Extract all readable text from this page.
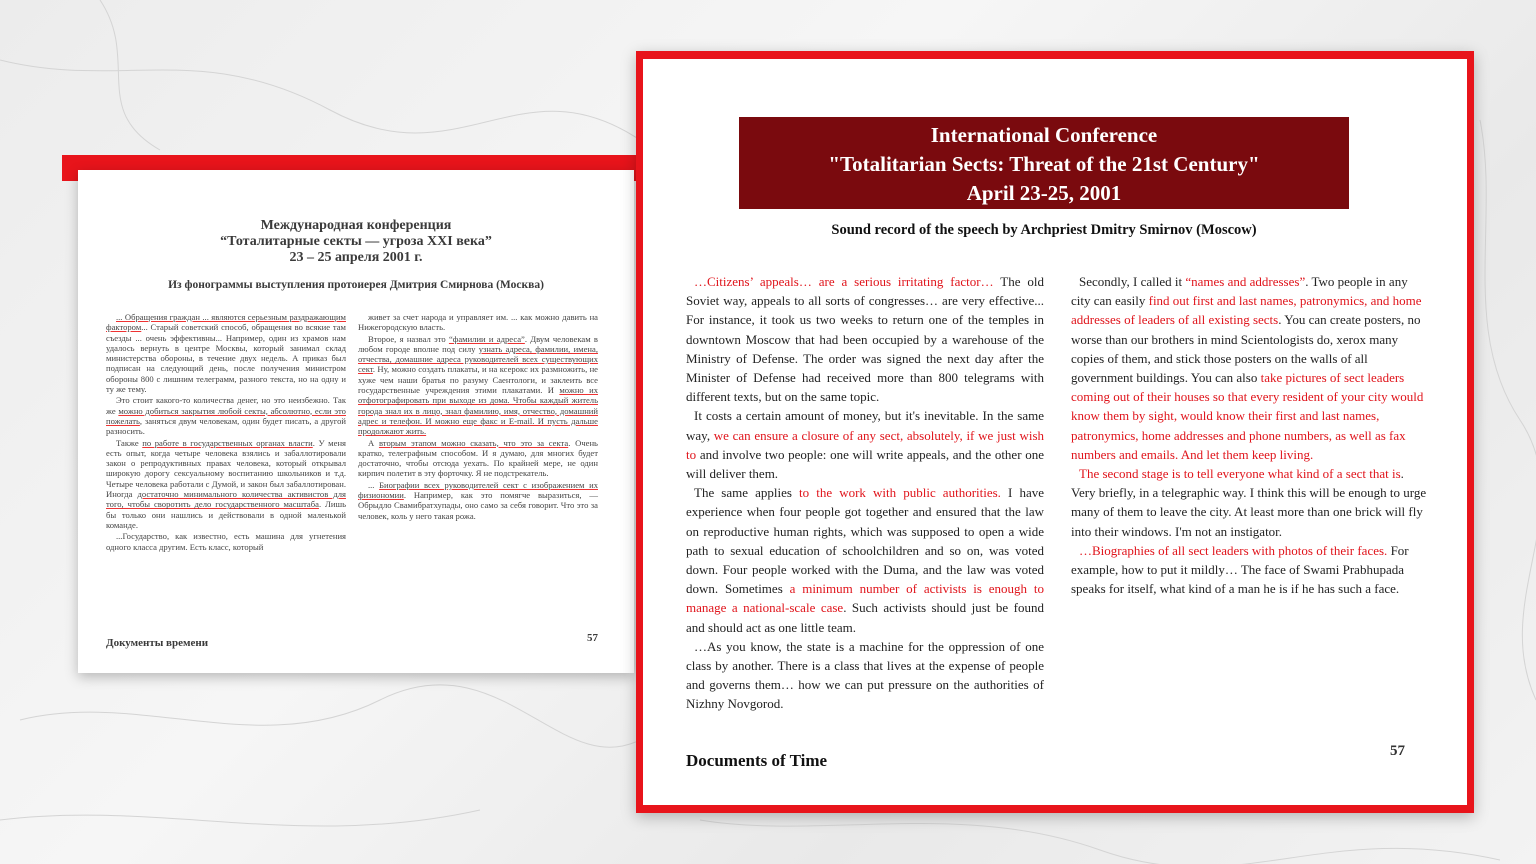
Международная конференция
“Тоталитарные секты — угроза XXI века”
23 – 25 апреля 2001 г.
Из фонограммы выступления протоиерея Дмитрия Смирнова (Москва)

... Обращения граждан ... являются серьезным раздражающим фактором... Старый советский способ, обращения во всякие там съезды ... очень эффективны... Например, один из храмов нам удалось вернуть в центре Москвы, который занимал склад министерства обороны, в течение двух недель. А приказ был подписан на следующий день, после получения министром обороны 800 с лишним телеграмм, разного текста, но на одну и ту же тему.

Это стоит какого-то количества денег, но это неизбежно. Так же можно добиться закрытия любой секты, абсолютно, если это пожелать, заняться двум человекам, один будет писать, а другой разносить.

Также по работе в государственных органах власти. У меня есть опыт, когда четыре человека взялись и забаллотировали закон о репродуктивных правах человека, который открывал широкую дорогу сексуальному воспитанию школьников и т.д. Четыре человека работали с Думой, и закон был забаллотирован. Иногда достаточно минимального количества активистов для того, чтобы своротить дело государственного масштаба. Лишь бы только они нашлись и действовали в одной маленькой команде.

...Государство, как известно, есть машина для угнетения одного класса другим. Есть класс, который

живет за счет народа и управляет им. ... как можно давить на Нижегородскую власть.

Второе, я назвал это “фамилии и адреса”. Двум человекам в любом городе вполне под силу узнать адреса, фамилии, имена, отчества, домашние адреса руководителей всех существующих сект. Ну, можно создать плакаты, и на ксерокс их размножить, не хуже чем наши братья по разуму Саентологи, и заклеить все государственные учреждения этими плакатами. И можно их отфотографировать при выходе из дома. Чтобы каждый житель города знал их в лицо, знал фамилию, имя, отчество, домашний адрес и телефон. И можно еще факс и E-mail. И пусть дальше продолжают жить.

А вторым этапом можно сказать, что это за секта. Очень кратко, телеграфным способом. И я думаю, для многих будет достаточно, чтобы отсюда уехать. По крайней мере, не один кирпич полетит в эту форточку. Я не подстрекатель.

... Биографии всех руководителей сект с изображением их физиономии. Например, как это помягче выразиться, — Обрыдло Свамибратхупады, оно само за себя говорит. Что это за человек, коль у него такая рожа.

Документы времени	57
International Conference
"Totalitarian Sects: Threat of the 21st Century"
April 23-25, 2001
Sound record of the speech by Archpriest Dmitry Smirnov (Moscow)

…Citizens’ appeals… are a serious irritating factor… The old Soviet way, appeals to all sorts of congresses… are very effective... For instance, it took us two weeks to return one of the temples in downtown Moscow that had been occupied by a warehouse of the Ministry of Defense. The order was signed the next day after the Minister of Defense had received more than 800 telegrams with different texts, but on the same topic.

It costs a certain amount of money, but it's inevitable. In the same way, we can ensure a closure of any sect, absolutely, if we just wish to and involve two people: one will write appeals, and the other one will deliver them.

The same applies to the work with public authorities. I have experience when four people got together and ensured that the law on reproductive human rights, which was supposed to open a wide path to sexual education of schoolchildren and so on, was voted down. Four people worked with the Duma, and the law was voted down. Sometimes a minimum number of activists is enough to manage a national-scale case. Such activists should just be found and should act as one little team.

…As you know, the state is a machine for the oppression of one class by another. There is a class that lives at the expense of people and governs them… how we can put pressure on the authorities of Nizhny Novgorod.

Secondly, I called it “names and addresses”. Two people in any city can easily find out first and last names, patronymics, and home addresses of leaders of all existing sects. You can create posters, no worse than our brothers in mind Scientologists do, xerox many copies of them, and stick those posters on the walls of all government buildings. You can also take pictures of sect leaders coming out of their houses so that every resident of your city would know them by sight, would know their first and last names, patronymics, home addresses and phone numbers, as well as fax numbers and emails. And let them keep living.

The second stage is to tell everyone what kind of a sect that is. Very briefly, in a telegraphic way. I think this will be enough to urge many of them to leave the city. At least more than one brick will fly into their windows. I'm not an instigator.

…Biographies of all sect leaders with photos of their faces. For example, how to put it mildly… The face of Swami Prabhupada speaks for itself, what kind of a man he is if he has such a face.

Documents of Time	57
